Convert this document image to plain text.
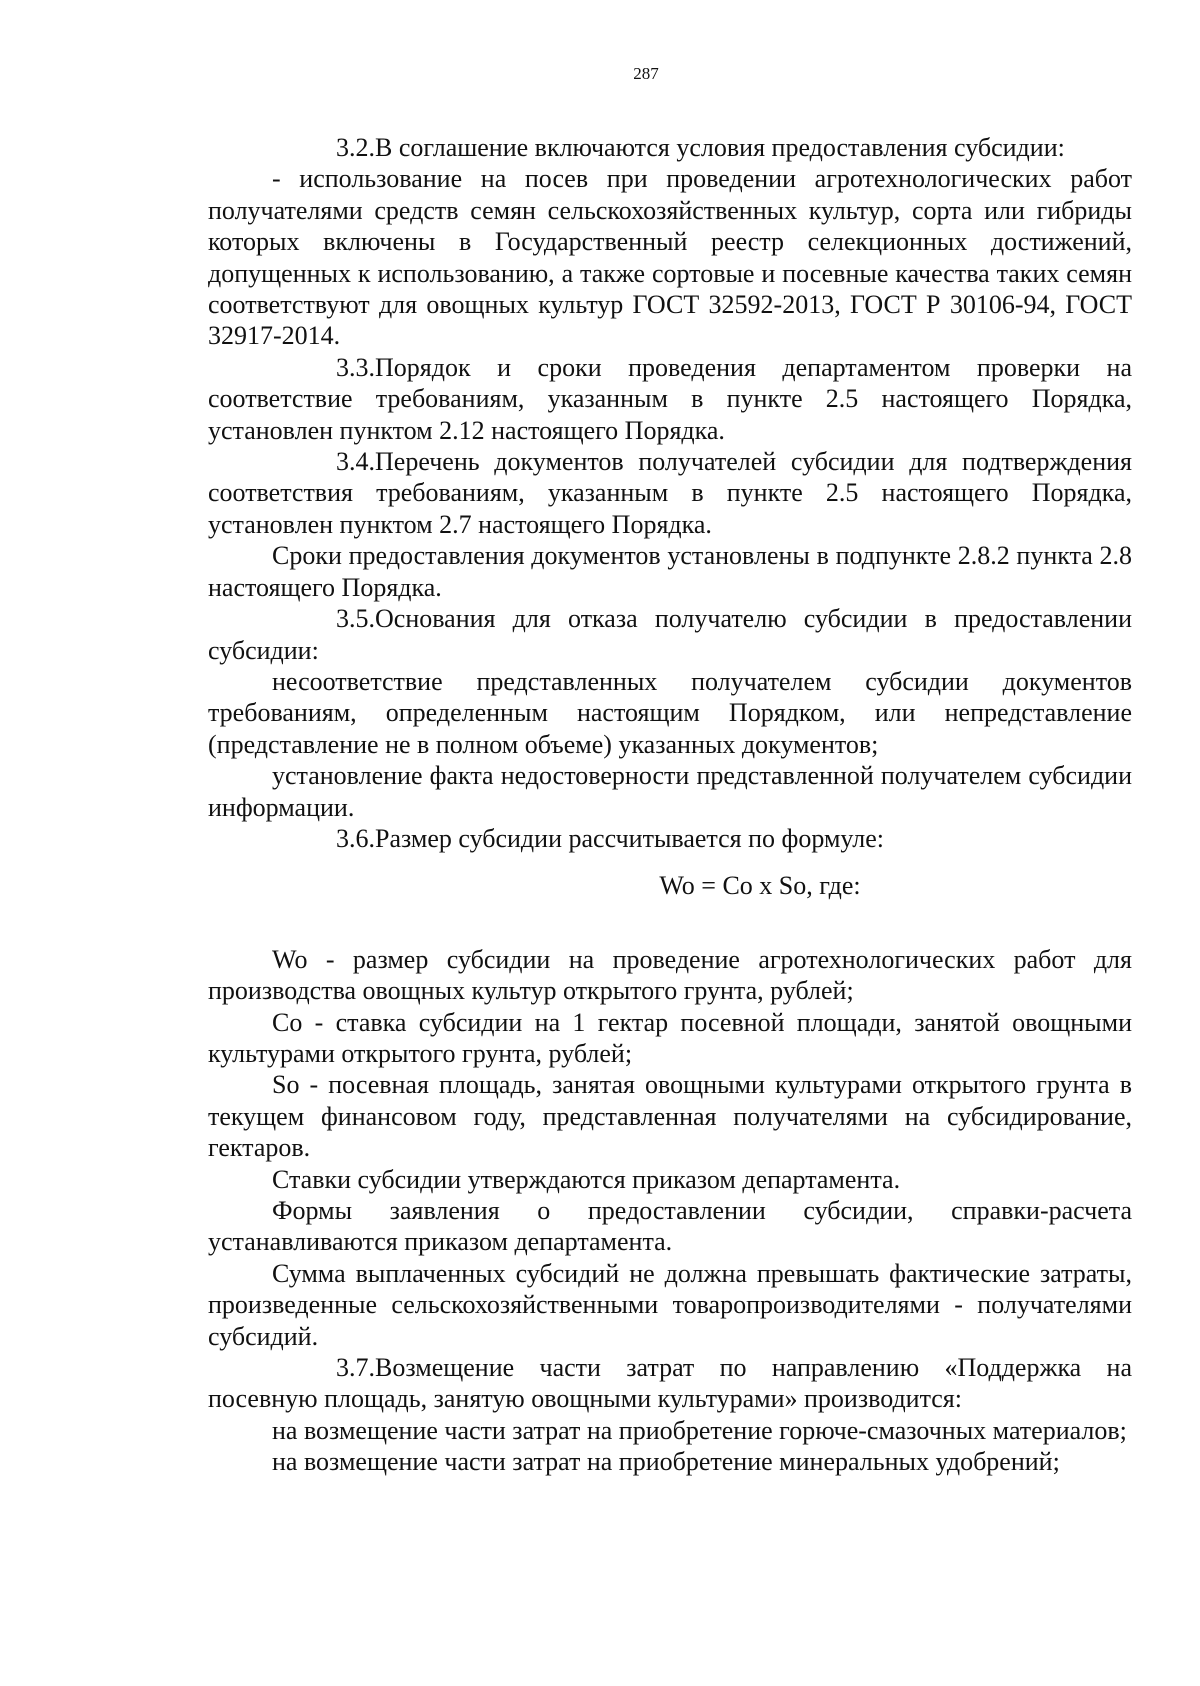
287

3.2.В соглашение включаются условия предоставления субсидии:

- использование на посев при проведении агротехнологических работ получателями средств семян сельскохозяйственных культур, сорта или гибриды которых включены в Государственный реестр селекционных достижений, допущенных к использованию, а также сортовые и посевные качества таких семян соответствуют для овощных культур ГОСТ 32592-2013, ГОСТ Р 30106-94, ГОСТ 32917-2014.

3.3.Порядок и сроки проведения департаментом проверки на соответствие требованиям, указанным в пункте 2.5 настоящего Порядка, установлен пунктом 2.12 настоящего Порядка.

3.4.Перечень документов получателей субсидии для подтверждения соответствия требованиям, указанным в пункте 2.5 настоящего Порядка, установлен пунктом 2.7 настоящего Порядка.

Сроки предоставления документов установлены в подпункте 2.8.2 пункта 2.8 настоящего Порядка.

3.5.Основания для отказа получателю субсидии в предоставлении субсидии:

несоответствие представленных получателем субсидии документов требованиям, определенным настоящим Порядком, или непредставление (представление не в полном объеме) указанных документов;

установление факта недостоверности представленной получателем субсидии информации.

3.6.Размер субсидии рассчитывается по формуле:

Wo = Co x So, где:

Wo - размер субсидии на проведение агротехнологических работ для производства овощных культур открытого грунта, рублей;

Co - ставка субсидии на 1 гектар посевной площади, занятой овощными культурами открытого грунта, рублей;

So - посевная площадь, занятая овощными культурами открытого грунта в текущем финансовом году, представленная получателями на субсидирование, гектаров.

Ставки субсидии утверждаются приказом департамента.

Формы заявления о предоставлении субсидии, справки-расчета устанавливаются приказом департамента.

Сумма выплаченных субсидий не должна превышать фактические затраты, произведенные сельскохозяйственными товаропроизводителями - получателями субсидий.

3.7.Возмещение части затрат по направлению «Поддержка на посевную площадь, занятую овощными культурами» производится:

на возмещение части затрат на приобретение горюче-смазочных материалов;

на возмещение части затрат на приобретение минеральных удобрений;
